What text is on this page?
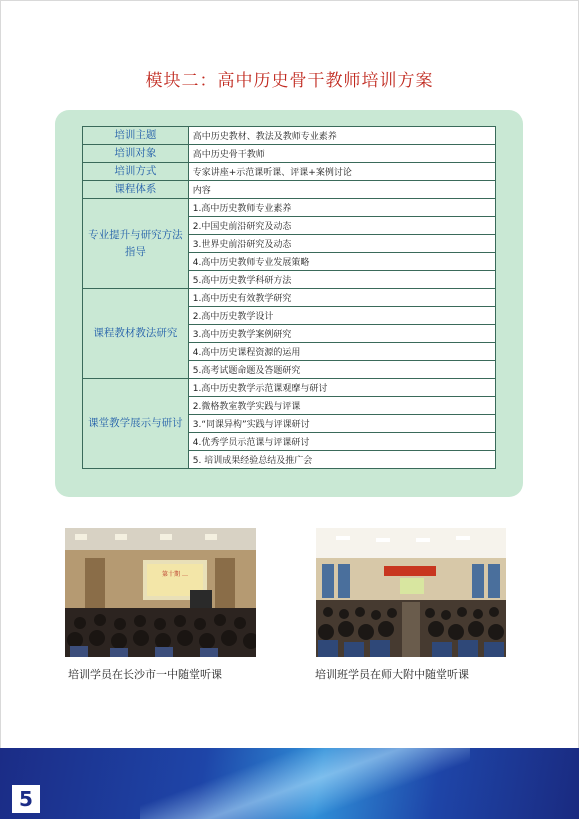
模块二：高中历史骨干教师培训方案
培训主题	高中历史教材、教法及教师专业素养
培训对象	高中历史骨干教师
培训方式	专家讲座+示范课听课、评课+案例讨论
课程体系	内容
专业提升与研究方法指导	1.高中历史教师专业素养
	2.中国史前沿研究及动态
	3.世界史前沿研究及动态
	4.高中历史教师专业发展策略
	5.高中历史教学科研方法
课程教材教法研究	1.高中历史有效教学研究
	2.高中历史教学设计
	3.高中历史教学案例研究
	4.高中历史课程资源的运用
	5.高考试题命题及答题研究
课堂教学展示与研讨	1.高中历史教学示范课观摩与研讨
	2.微格教室教学实践与评课
	3.“同课异构”实践与评课研讨
	4.优秀学员示范课与评课研讨
	5. 培训成果经验总结及推广会
第十期 …
培训学员在长沙市一中随堂听课	培训班学员在师大附中随堂听课
5
